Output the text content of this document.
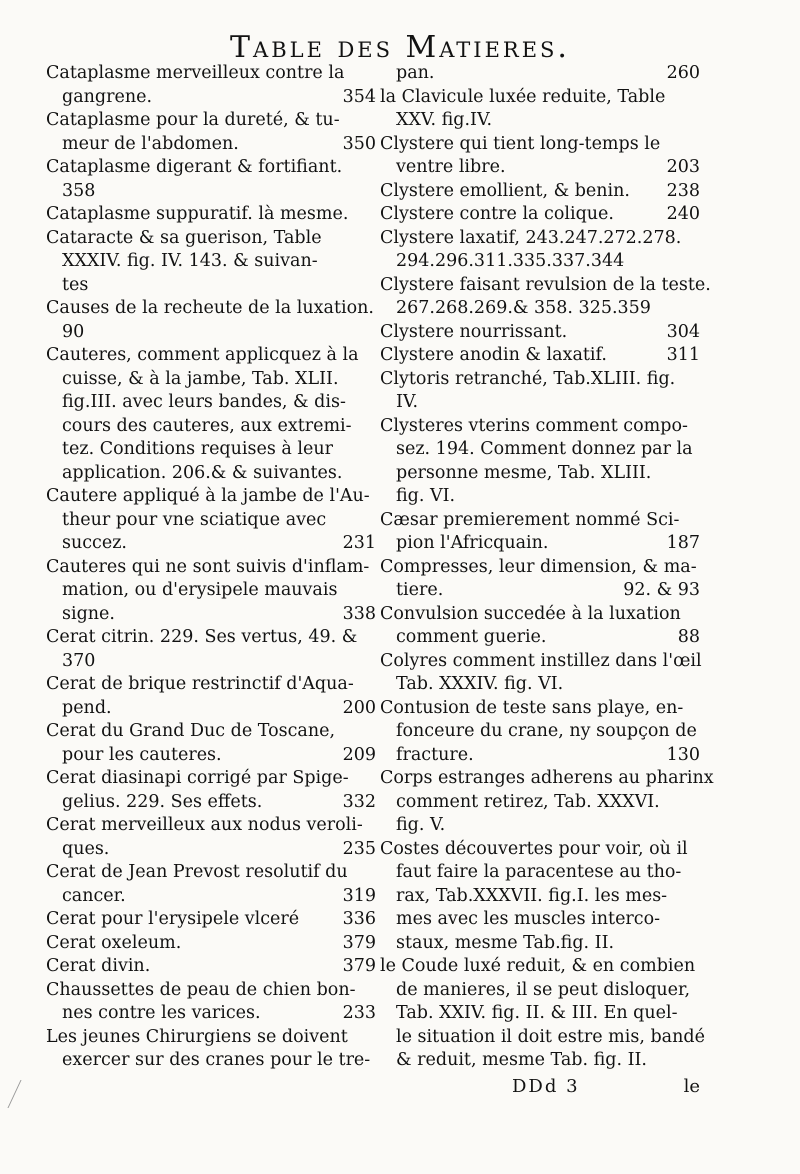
Table des Matieres.
Cataplasme merveilleux contre la
gangrene.	354
Cataplasme pour la dureté, & tu-
meur de l'abdomen.	350
Cataplasme digerant & fortifiant.
358
Cataplasme suppuratif. là mesme.
Cataracte & sa guerison, Table
XXXIV. fig. IV. 143. & suivan-
tes
Causes de la recheute de la luxation.
90
Cauteres, comment applicquez à la
cuisse, & à la jambe, Tab. XLII.
fig.III. avec leurs bandes, & dis-
cours des cauteres, aux extremi-
tez. Conditions requises à leur
application. 206.& & suivantes.
Cautere appliqué à la jambe de l'Au-
theur pour vne sciatique avec
succez.	231
Cauteres qui ne sont suivis d'inflam-
mation, ou d'erysipele mauvais
signe.	338
Cerat citrin. 229. Ses vertus, 49. &
370
Cerat de brique restrinctif d'Aqua-
pend.	200
Cerat du Grand Duc de Toscane,
pour les cauteres.	209
Cerat diasinapi corrigé par Spige-
gelius. 229. Ses effets.	332
Cerat merveilleux aux nodus veroli-
ques.	235
Cerat de Jean Prevost resolutif du
cancer.	319
Cerat pour l'erysipele vlceré	336
Cerat oxeleum.	379
Cerat divin.	379
Chaussettes de peau de chien bon-
nes contre les varices.	233
Les jeunes Chirurgiens se doivent
exercer sur des cranes pour le tre-
pan.	260
la Clavicule luxée reduite, Table
XXV. fig.IV.
Clystere qui tient long-temps le
ventre libre.	203
Clystere emollient, & benin.	238
Clystere contre la colique.	240
Clystere laxatif, 243.247.272.278.
294.296.311.335.337.344
Clystere faisant revulsion de la teste.
267.268.269.& 358. 325.359
Clystere nourrissant.	304
Clystere anodin & laxatif.	311
Clytoris retranché, Tab.XLIII. fig.
IV.
Clysteres vterins comment compo-
sez. 194. Comment donnez par la
personne mesme, Tab. XLIII.
fig. VI.
Cæsar premierement nommé Sci-
pion l'Africquain.	187
Compresses, leur dimension, & ma-
tiere.	92. & 93
Convulsion succedée à la luxation
comment guerie.	88
Colyres comment instillez dans l'œil
Tab. XXXIV. fig. VI.
Contusion de teste sans playe, en-
fonceure du crane, ny soupçon de
fracture.	130
Corps estranges adherens au pharinx
comment retirez, Tab. XXXVI.
fig. V.
Costes découvertes pour voir, où il
faut faire la paracentese au tho-
rax, Tab.XXXVII. fig.I. les mes-
mes avec les muscles interco-
staux, mesme Tab.fig. II.
le Coude luxé reduit, & en combien
de manieres, il se peut disloquer,
Tab. XXIV. fig. II. & III. En quel-
le situation il doit estre mis, bandé
& reduit, mesme Tab. fig. II.
DDd 3	le
